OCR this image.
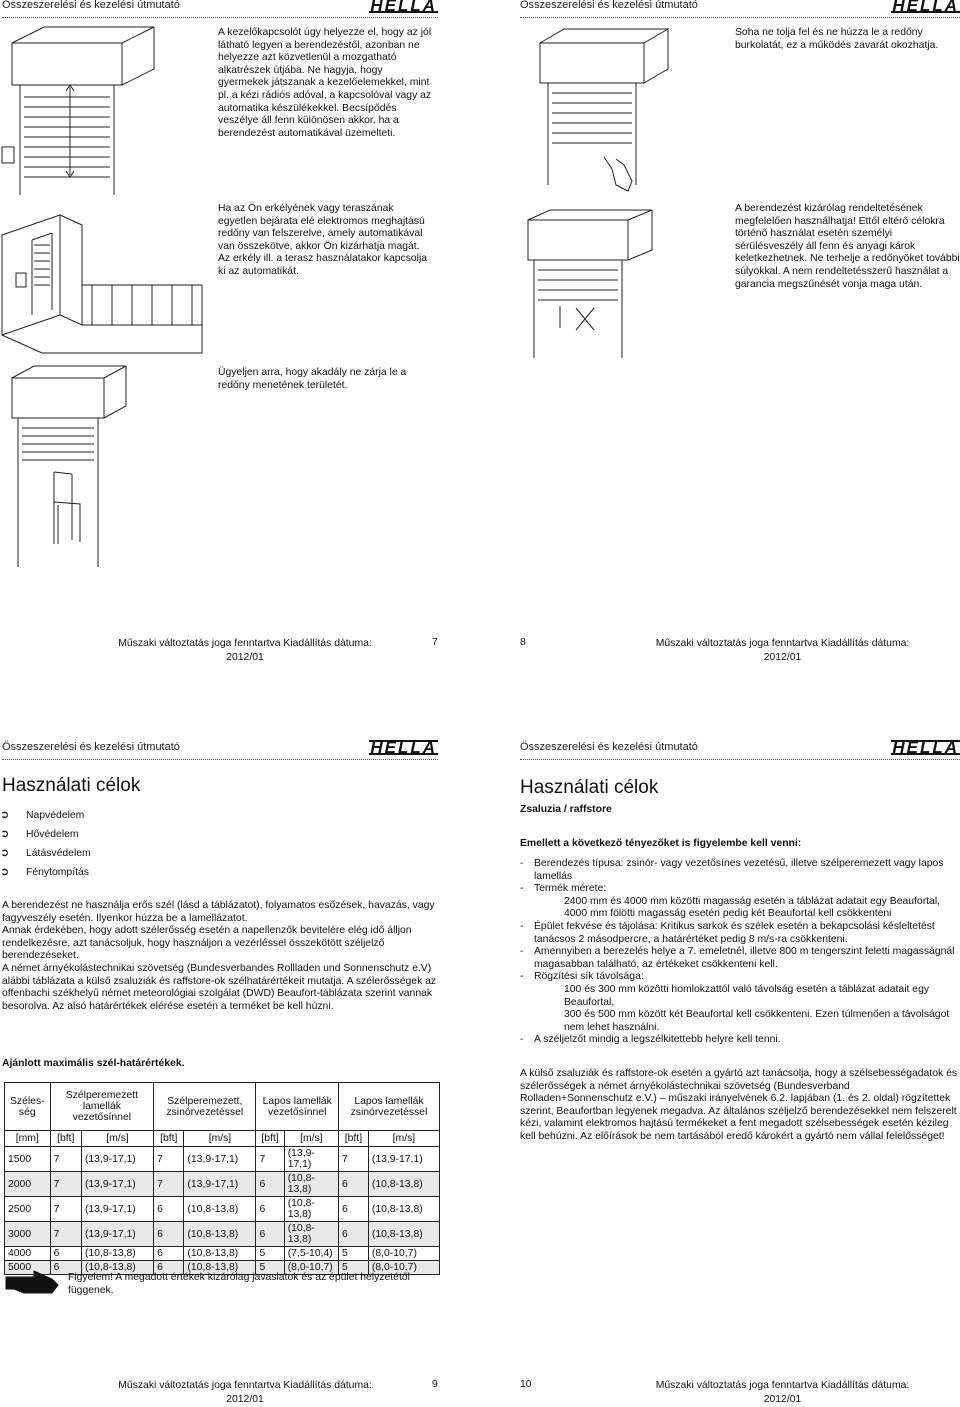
Összeszerelési és kezelési útmutató	HELLA
A kezelőkapcsolót úgy helyezze el, hogy az jól látható legyen a berendezéstől, azonban ne helyezze azt közvetlenül a mozgatható alkatrészek útjába. Ne hagyja, hogy gyermekek játszanak a kezelőelemekkel, mint pl. a kézi rádiós adóval, a kapcsolóval vagy az automatika készülékekkel. Becsípődés veszélye áll fenn különösen akkor, ha a berendezést automatikával üzemelteti.
Ha az Ön erkélyének vagy teraszának egyetlen bejárata elé elektromos meghajtású redőny van felszerelve, amely automatikával van összekötve, akkor Ön kizárhatja magát. Az erkély ill. a terasz használatakor kapcsolja ki az automatikát.
Ügyeljen arra, hogy akadály ne zárja le a redőny menetének területét.
Műszaki változtatás joga fenntartva Kiadállítás dátuma:
2012/01
7
Összeszerelési és kezelési útmutató	HELLA
Soha ne tolja fel és ne húzza le a redőny burkolatát, ez a működés zavarát okozhatja.
A berendezést kizárólag rendeltetésének megfelelően használhatja! Ettől eltérő célokra történő használat esetén személyi sérülésveszély áll fenn és anyagi károk keletkezhetnek. Ne terhelje a redőnyöket további súlyokkal. A nem rendeltetésszerű használat a garancia megszűnését vonja maga után.
8	Műszaki változtatás joga fenntartva Kiadállítás dátuma:
2012/01
Összeszerelési és kezelési útmutató	HELLA
Használati célok
➲ Napvédelem
➲ Hővédelem
➲ Látásvédelem
➲ Fénytompítás
A berendezést ne használja erős szél (lásd a táblázatot), folyamatos esőzések, havazás, vagy fagyveszély esetén. Ilyenkor húzza be a lamellázatot.
Annak érdekében, hogy adott szélerősség esetén a napellenzők bevitelére elég idő álljon rendelkezésre, azt tanácsoljuk, hogy használjon a vezérléssel összekötött széljelző berendezéseket.
A német árnyékolástechnikai szövetség (Bundesverbandes Rollladen und Sonnenschutz e.V) alábbi táblázata a külső zsaluziák és raffstore-ok szélhatárértékeit mutatja. A szélerősségek az offenbachi székhelyű német meteorológiai szolgálat (DWD) Beaufort-táblázata szerint vannak besorolva. Az alsó határértékek elérése esetén a terméket be kell húzni.
Ajánlott maximális szél-határértékek.
Széles-ség	Szélperemezett lamellák vezetősínnel		Szélperemezett, zsinórvezetéssel		Lapos lamellák vezetősínnel		Lapos lamellák zsinórvezetéssel	
[mm]	[bft]	[m/s]	[bft]	[m/s]	[bft]	[m/s]	[bft]	[m/s]
1500	7	(13,9-17,1)	7	(13,9-17,1)	7	(13,9-17,1)	7	(13,9-17,1)
2000	7	(13,9-17,1)	7	(13,9-17,1)	6	(10,8-13,8)	6	(10,8-13,8)
2500	7	(13,9-17,1)	6	(10,8-13,8)	6	(10,8-13,8)	6	(10,8-13,8)
3000	7	(13,9-17,1)	6	(10,8-13,8)	6	(10,8-13,8)	6	(10,8-13,8)
4000	6	(10,8-13,8)	6	(10,8-13,8)	5	(7,5-10,4)	5	(8,0-10,7)
5000	6	(10,8-13,8)	6	(10,8-13,8)	5	(8,0-10,7)	5	(8,0-10,7)
Figyelem! A megadott értékek kizárólag javaslatok és az épület helyzetétől függenek.
Műszaki változtatás joga fenntartva Kiadállítás dátuma:
2012/01
9
Összeszerelési és kezelési útmutató	HELLA
Használati célok
Zsaluzia / raffstore
Emellett a következő tényezőket is figyelembe kell venni:
- Berendezés típusa: zsinór- vagy vezetősínes vezetésű, illetve szélperemezett vagy lapos lamellás
- Termék mérete:
2400 mm és 4000 mm közötti magasság esetén a táblázat adatait egy Beaufortal,
4000 mm fölötti magasság esetén pedig két Beaufortal kell csökkenteni
- Épület fekvése és tájolása: Kritikus sarkok és szélek esetén a bekapcsolási késleltetést tanácsos 2 másodpercre, a határértéket pedig 8 m/s-ra csökkenteni.
- Amennyiben a berezelés helye a 7. emeletnél, illetve 800 m tengerszint feletti magasságnál magasabban található, az értékeket csökkenteni kell.
- Rögzítési sík távolsága:
100 és 300 mm közötti homlokzattól való távolság esetén a táblázat adatait egy Beaufortal,
300 és 500 mm között két Beaufortal kell csökkenteni. Ezen túlmenően a távolságot nem lehet használni.
- A széljelzőt mindig a legszélkitettebb helyre kell tenni.
A külső zsaluziák és raffstore-ok esetén a gyártó azt tanácsolja, hogy a szélsebességadatok és szélerősségek a német árnyékolástechnikai szövetség (Bundesverband Rolladen+Sonnenschutz e.V.) – műszaki irányelvének 6.2. lapjában (1. és 2. oldal) rögzítettek szerint, Beaufortban legyenek megadva. Az általános széljelző berendezésekkel nem felszerelt kézi, valamint elektromos hajtású termékeket a fent megadott szélsebességek esetén kézileg kell behúzni. Az előírások be nem tartásából eredő károkért a gyártó nem vállal felelősséget!
10	Műszaki változtatás joga fenntartva Kiadállítás dátuma:
2012/01
